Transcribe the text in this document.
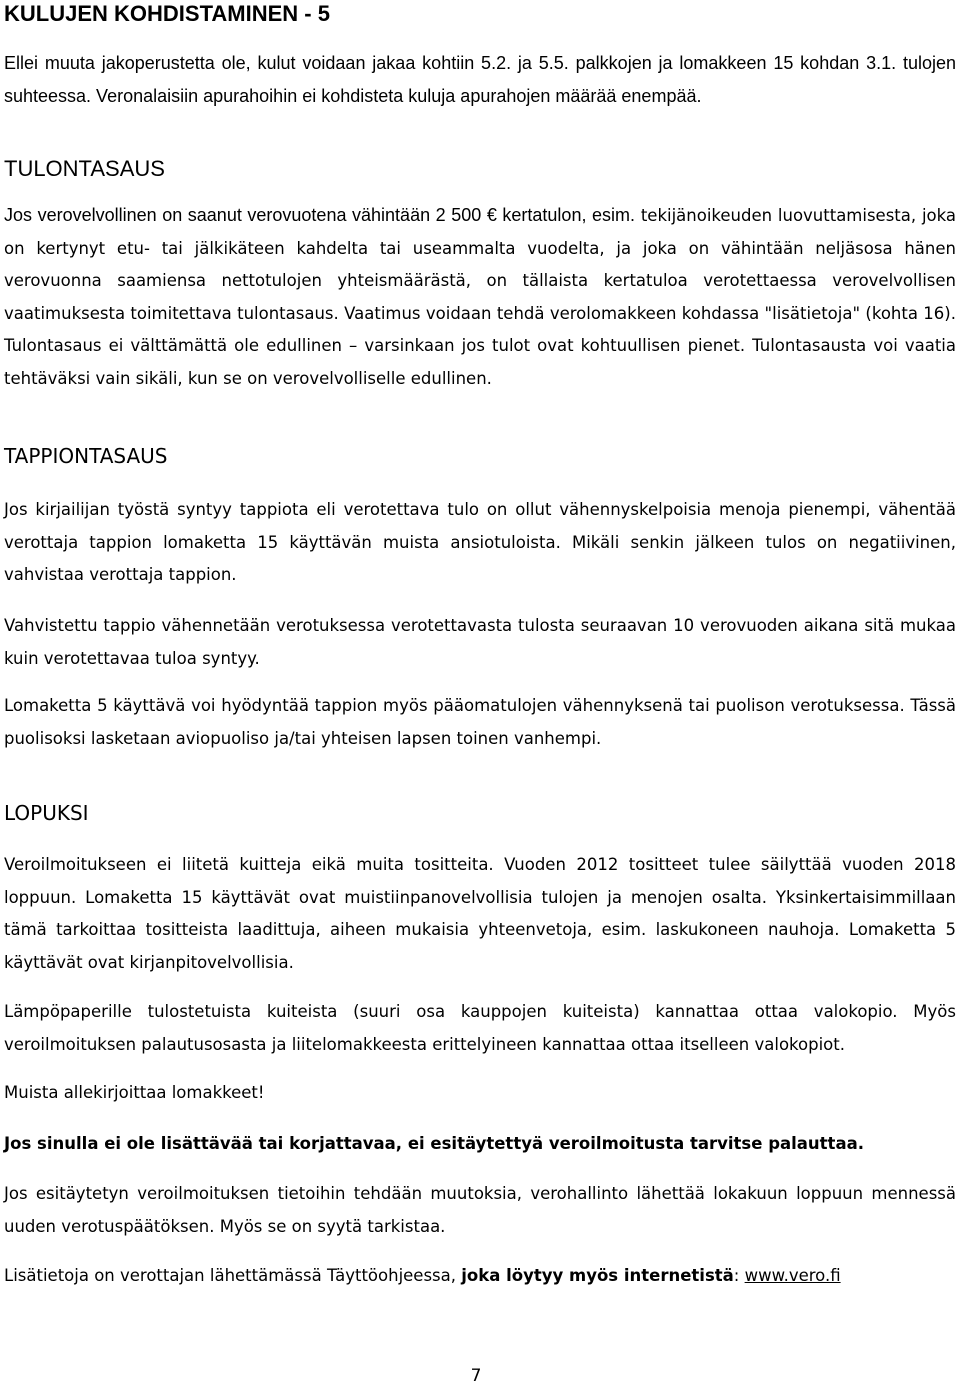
KULUJEN KOHDISTAMINEN - 5

Ellei muuta jakoperustetta ole, kulut voidaan jakaa kohtiin 5.2. ja 5.5. palkkojen ja lomakkeen 15 kohdan 3.1. tulojen suhteessa. Veronalaisiin apurahoihin ei kohdisteta kuluja apurahojen määrää enempää.

TULONTASAUS

Jos verovelvollinen on saanut verovuotena vähintään 2 500 € kertatulon, esim. tekijänoikeuden luovuttamisesta, joka on kertynyt etu- tai jälkikäteen kahdelta tai useammalta vuodelta, ja joka on vähintään neljäsosa hänen verovuonna saamiensa nettotulojen yhteismäärästä, on tällaista kertatuloa verotettaessa verovelvollisen vaatimuksesta toimitettava tulontasaus. Vaatimus voidaan tehdä verolomakkeen kohdassa "lisätietoja" (kohta 16). Tulontasaus ei välttämättä ole edullinen – varsinkaan jos tulot ovat kohtuullisen pienet. Tulontasausta voi vaatia tehtäväksi vain sikäli, kun se on verovelvolliselle edullinen.

TAPPIONTASAUS

Jos kirjailijan työstä syntyy tappiota eli verotettava tulo on ollut vähennyskelpoisia menoja pienempi, vähentää verottaja tappion lomaketta 15 käyttävän muista ansiotuloista. Mikäli senkin jälkeen tulos on negatiivinen, vahvistaa verottaja tappion.

Vahvistettu tappio vähennetään verotuksessa verotettavasta tulosta seuraavan 10 verovuoden aikana sitä mukaa kuin verotettavaa tuloa syntyy.

Lomaketta 5 käyttävä voi hyödyntää tappion myös pääomatulojen vähennyksenä tai puolison verotuksessa. Tässä puolisoksi lasketaan aviopuoliso ja/tai yhteisen lapsen toinen vanhempi.

LOPUKSI

Veroilmoitukseen ei liitetä kuitteja eikä muita tositteita. Vuoden 2012 tositteet tulee säilyttää vuoden 2018 loppuun. Lomaketta 15 käyttävät ovat muistiinpanovelvollisia tulojen ja menojen osalta. Yksinkertaisimmillaan tämä tarkoittaa tositteista laadittuja, aiheen mukaisia yhteenvetoja, esim. laskukoneen nauhoja. Lomaketta 5 käyttävät ovat kirjanpitovelvollisia.

Lämpöpaperille tulostetuista kuiteista (suuri osa kauppojen kuiteista) kannattaa ottaa valokopio. Myös veroilmoituksen palautusosasta ja liitelomakkeesta erittelyineen kannattaa ottaa itselleen valokopiot.

Muista allekirjoittaa lomakkeet!

Jos sinulla ei ole lisättävää tai korjattavaa, ei esitäytettyä veroilmoitusta tarvitse palauttaa.

Jos esitäytetyn veroilmoituksen tietoihin tehdään muutoksia, verohallinto lähettää lokakuun loppuun mennessä uuden verotuspäätöksen. Myös se on syytä tarkistaa.

Lisätietoja on verottajan lähettämässä Täyttöohjeessa, joka löytyy myös internetistä: www.vero.fi

7
